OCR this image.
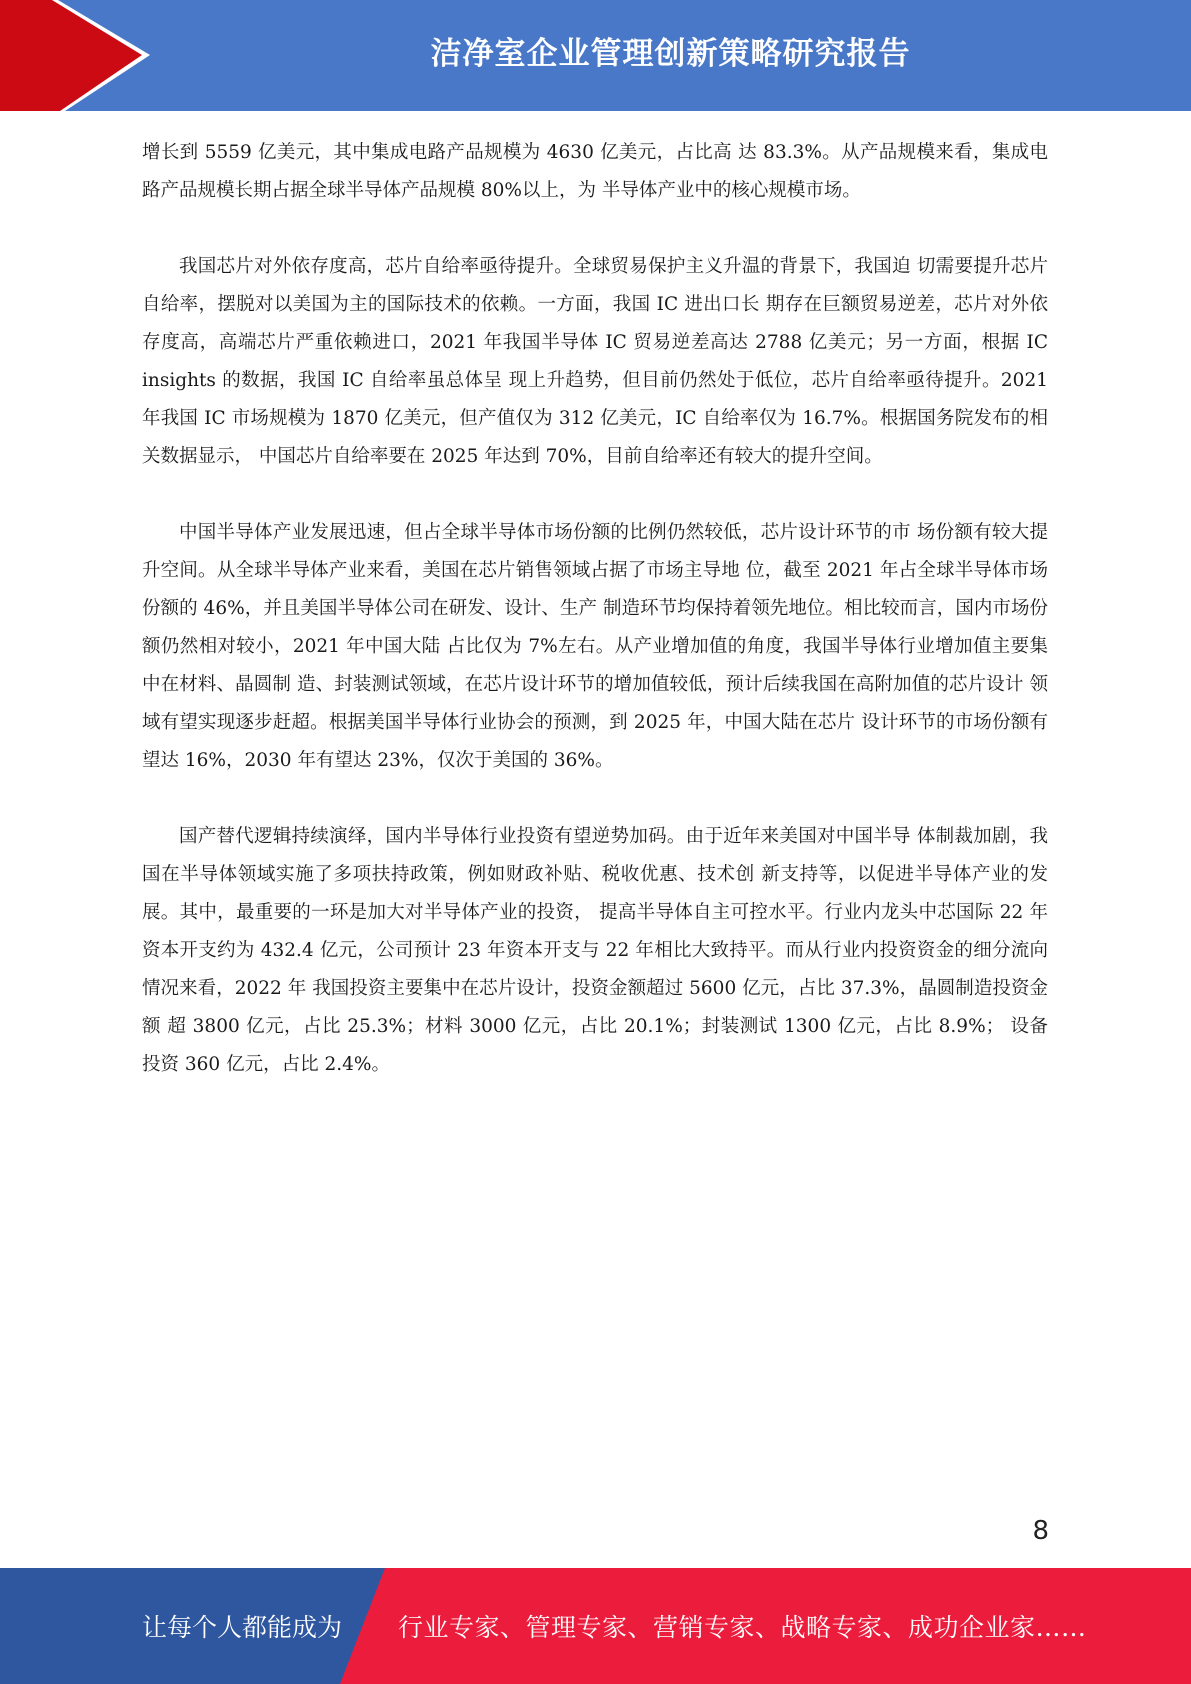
洁净室企业管理创新策略研究报告

增长到 5559 亿美元，其中集成电路产品规模为 4630 亿美元，占比高 达 83.3%。从产品规模来看，集成电路产品规模长期占据全球半导体产品规模 80%以上，为 半导体产业中的核心规模市场。

我国芯片对外依存度高，芯片自给率亟待提升。全球贸易保护主义升温的背景下，我国迫 切需要提升芯片自给率，摆脱对以美国为主的国际技术的依赖。一方面，我国 IC 进出口长 期存在巨额贸易逆差，芯片对外依存度高，高端芯片严重依赖进口，2021 年我国半导体 IC 贸易逆差高达 2788 亿美元；另一方面，根据 IC insights 的数据，我国 IC 自给率虽总体呈 现上升趋势，但目前仍然处于低位，芯片自给率亟待提升。2021 年我国 IC 市场规模为 1870 亿美元，但产值仅为 312 亿美元，IC 自给率仅为 16.7%。根据国务院发布的相关数据显示， 中国芯片自给率要在 2025 年达到 70%，目前自给率还有较大的提升空间。

中国半导体产业发展迅速，但占全球半导体市场份额的比例仍然较低，芯片设计环节的市 场份额有较大提升空间。从全球半导体产业来看，美国在芯片销售领域占据了市场主导地 位，截至 2021 年占全球半导体市场份额的 46%，并且美国半导体公司在研发、设计、生产 制造环节均保持着领先地位。相比较而言，国内市场份额仍然相对较小，2021 年中国大陆 占比仅为 7%左右。从产业增加值的角度，我国半导体行业增加值主要集中在材料、晶圆制 造、封装测试领域，在芯片设计环节的增加值较低，预计后续我国在高附加值的芯片设计 领域有望实现逐步赶超。根据美国半导体行业协会的预测，到 2025 年，中国大陆在芯片 设计环节的市场份额有望达 16%，2030 年有望达 23%，仅次于美国的 36%。

国产替代逻辑持续演绎，国内半导体行业投资有望逆势加码。由于近年来美国对中国半导 体制裁加剧，我国在半导体领域实施了多项扶持政策，例如财政补贴、税收优惠、技术创 新支持等，以促进半导体产业的发展。其中，最重要的一环是加大对半导体产业的投资， 提高半导体自主可控水平。行业内龙头中芯国际 22 年资本开支约为 432.4 亿元，公司预计 23 年资本开支与 22 年相比大致持平。而从行业内投资资金的细分流向情况来看，2022 年 我国投资主要集中在芯片设计，投资金额超过 5600 亿元，占比 37.3%，晶圆制造投资金额 超 3800 亿元，占比 25.3%；材料 3000 亿元，占比 20.1%；封装测试 1300 亿元，占比 8.9%； 设备投资 360 亿元，占比 2.4%。

8
让每个人都能成为 行业专家、管理专家、营销专家、战略专家、成功企业家……
